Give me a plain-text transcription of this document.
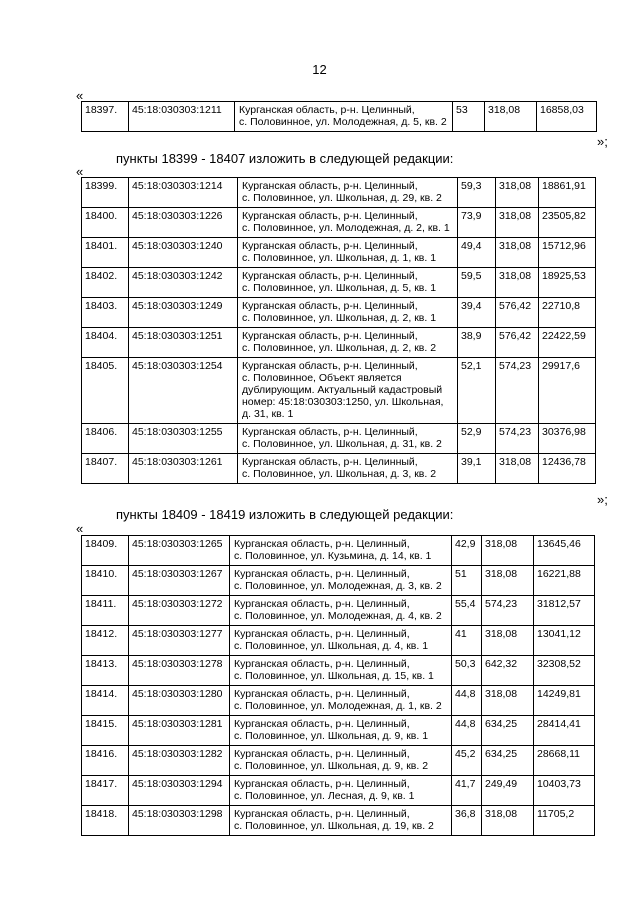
12
«
18397.	45:18:030303:1211	Курганская область, р-н. Целинный,
с. Половинное, ул. Молодежная, д. 5, кв. 2
	53	318,08	16858,03
»;
пункты 18399 - 18407 изложить в следующей редакции:
«
18399.	45:18:030303:1214	Курганская область, р-н. Целинный,
с. Половинное, ул. Школьная, д. 29, кв. 2	59,3	318,08	18861,91
18400.	45:18:030303:1226	Курганская область, р-н. Целинный,
с. Половинное, ул. Молодежная, д. 2, кв. 1	73,9	318,08	23505,82
18401.	45:18:030303:1240	Курганская область, р-н. Целинный,
с. Половинное, ул. Школьная, д. 1, кв. 1	49,4	318,08	15712,96
18402.	45:18:030303:1242	Курганская область, р-н. Целинный,
с. Половинное, ул. Школьная, д. 5, кв. 1	59,5	318,08	18925,53
18403.	45:18:030303:1249	Курганская область, р-н. Целинный,
с. Половинное, ул. Школьная, д. 2, кв. 1	39,4	576,42	22710,8
18404.	45:18:030303:1251	Курганская область, р-н. Целинный,
с. Половинное, ул. Школьная, д. 2, кв. 2	38,9	576,42	22422,59
18405.	45:18:030303:1254	Курганская область, р-н. Целинный,
с. Половинное, Объект является
дублирующим. Актуальный кадастровый
номер: 45:18:030303:1250, ул. Школьная,
д. 31, кв. 1	52,1	574,23	29917,6
18406.	45:18:030303:1255	Курганская область, р-н. Целинный,
с. Половинное, ул. Школьная, д. 31, кв. 2	52,9	574,23	30376,98
18407.	45:18:030303:1261	Курганская область, р-н. Целинный,
с. Половинное, ул. Школьная, д. 3, кв. 2	39,1	318,08	12436,78
»;
пункты 18409 - 18419 изложить в следующей редакции:
«
18409.	45:18:030303:1265	Курганская область, р-н. Целинный,
с. Половинное, ул. Кузьмина, д. 14, кв. 1	42,9	318,08	13645,46
18410.	45:18:030303:1267	Курганская область, р-н. Целинный,
с. Половинное, ул. Молодежная, д. 3, кв. 2	51	318,08	16221,88
18411.	45:18:030303:1272	Курганская область, р-н. Целинный,
с. Половинное, ул. Молодежная, д. 4, кв. 2	55,4	574,23	31812,57
18412.	45:18:030303:1277	Курганская область, р-н. Целинный,
с. Половинное, ул. Школьная, д. 4, кв. 1	41	318,08	13041,12
18413.	45:18:030303:1278	Курганская область, р-н. Целинный,
с. Половинное, ул. Школьная, д. 15, кв. 1	50,3	642,32	32308,52
18414.	45:18:030303:1280	Курганская область, р-н. Целинный,
с. Половинное, ул. Молодежная, д. 1, кв. 2	44,8	318,08	14249,81
18415.	45:18:030303:1281	Курганская область, р-н. Целинный,
с. Половинное, ул. Школьная, д. 9, кв. 1	44,8	634,25	28414,41
18416.	45:18:030303:1282	Курганская область, р-н. Целинный,
с. Половинное, ул. Школьная, д. 9, кв. 2	45,2	634,25	28668,11
18417.	45:18:030303:1294	Курганская область, р-н. Целинный,
с. Половинное, ул. Лесная, д. 9, кв. 1	41,7	249,49	10403,73
18418.	45:18:030303:1298	Курганская область, р-н. Целинный,
с. Половинное, ул. Школьная, д. 19, кв. 2	36,8	318,08	11705,2
